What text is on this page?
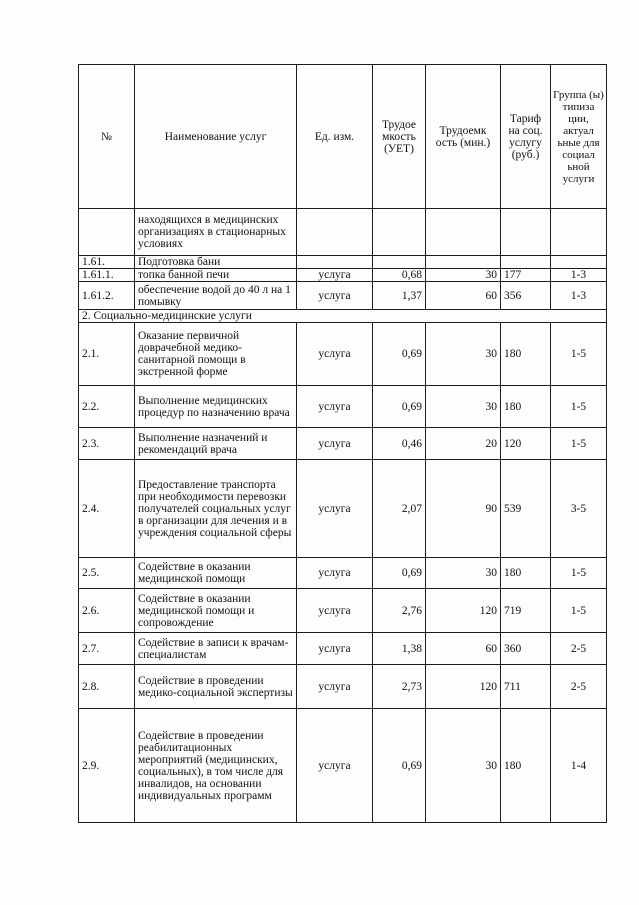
№	Наименование услуг	Ед. изм.	Трудое мкость (УЕТ)	Трудоемк ость (мин.)	Тариф на соц. услугу (руб.)	Группа (ы) типиза ции, актуал ьные для социал ьной услуги
	находящихся в медицинских организациях в стационарных условиях					
1.61.	Подготовка бани					
1.61.1.	топка банной печи	услуга	0,68	30	177	1-3
1.61.2.	обеспечение водой до 40 л на 1 помывку	услуга	1,37	60	356	1-3
2. Социально-медицинские услуги						
2.1.	Оказание первичной доврачебной медико-санитарной помощи в экстренной форме	услуга	0,69	30	180	1-5
2.2.	Выполнение медицинских процедур по назначению врача	услуга	0,69	30	180	1-5
2.3.	Выполнение назначений и рекомендаций врача	услуга	0,46	20	120	1-5
2.4.	Предоставление транспорта при необходимости перевозки получателей социальных услуг в организации для лечения и в учреждения социальной сферы	услуга	2,07	90	539	3-5
2.5.	Содействие в оказании медицинской помощи	услуга	0,69	30	180	1-5
2.6.	Содействие в оказании медицинской помощи и сопровождение	услуга	2,76	120	719	1-5
2.7.	Содействие в записи к врачам-специалистам	услуга	1,38	60	360	2-5
2.8.	Содействие в проведении медико-социальной экспертизы	услуга	2,73	120	711	2-5
2.9.	Содействие в проведении реабилитационных мероприятий (медицинских, социальных), в том числе для инвалидов, на основании индивидуальных программ	услуга	0,69	30	180	1-4
